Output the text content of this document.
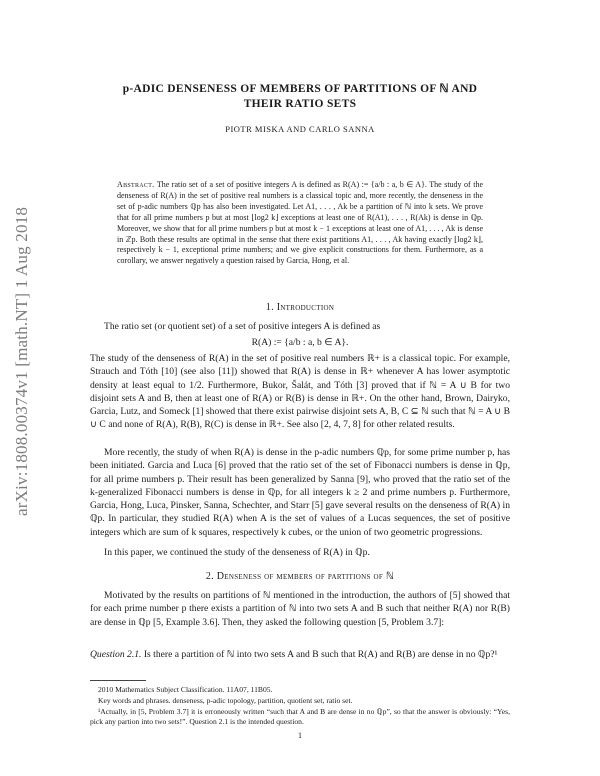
arXiv:1808.00374v1 [math.NT] 1 Aug 2018
p-ADIC DENSENESS OF MEMBERS OF PARTITIONS OF ℕ AND
THEIR RATIO SETS
PIOTR MISKA AND CARLO SANNA
Abstract. The ratio set of a set of positive integers A is defined as R(A) := {a/b : a, b ∈ A}. The study of the denseness of R(A) in the set of positive real numbers is a classical topic and, more recently, the denseness in the set of p-adic numbers ℚp has also been investigated. Let A1, . . . , Ak be a partition of ℕ into k sets. We prove that for all prime numbers p but at most ⌊log2 k⌋ exceptions at least one of R(A1), . . . , R(Ak) is dense in ℚp. Moreover, we show that for all prime numbers p but at most k − 1 exceptions at least one of A1, . . . , Ak is dense in ℤp. Both these results are optimal in the sense that there exist partitions A1, . . . , Ak having exactly ⌊log2 k⌋, respectively k − 1, exceptional prime numbers; and we give explicit constructions for them. Furthermore, as a corollary, we answer negatively a question raised by Garcia, Hong, et al.
1. Introduction
The ratio set (or quotient set) of a set of positive integers A is defined as
R(A) := {a/b : a, b ∈ A}.
The study of the denseness of R(A) in the set of positive real numbers ℝ+ is a classical topic. For example, Strauch and Tóth [10] (see also [11]) showed that R(A) is dense in ℝ+ whenever A has lower asymptotic density at least equal to 1/2. Furthermore, Bukor, Šalát, and Tóth [3] proved that if ℕ = A ∪ B for two disjoint sets A and B, then at least one of R(A) or R(B) is dense in ℝ+. On the other hand, Brown, Dairyko, Garcia, Lutz, and Someck [1] showed that there exist pairwise disjoint sets A, B, C ⊆ ℕ such that ℕ = A ∪ B ∪ C and none of R(A), R(B), R(C) is dense in ℝ+. See also [2, 4, 7, 8] for other related results.
More recently, the study of when R(A) is dense in the p-adic numbers ℚp, for some prime number p, has been initiated. Garcia and Luca [6] proved that the ratio set of the set of Fibonacci numbers is dense in ℚp, for all prime numbers p. Their result has been generalized by Sanna [9], who proved that the ratio set of the k-generalized Fibonacci numbers is dense in ℚp, for all integers k ≥ 2 and prime numbers p. Furthermore, Garcia, Hong, Luca, Pinsker, Sanna, Schechter, and Starr [5] gave several results on the denseness of R(A) in ℚp. In particular, they studied R(A) when A is the set of values of a Lucas sequences, the set of positive integers which are sum of k squares, respectively k cubes, or the union of two geometric progressions.
In this paper, we continued the study of the denseness of R(A) in ℚp.
2. Denseness of members of partitions of ℕ
Motivated by the results on partitions of ℕ mentioned in the introduction, the authors of [5] showed that for each prime number p there exists a partition of ℕ into two sets A and B such that neither R(A) nor R(B) are dense in ℚp [5, Example 3.6]. Then, they asked the following question [5, Problem 3.7]:
Question 2.1. Is there a partition of ℕ into two sets A and B such that R(A) and R(B) are dense in no ℚp?¹
2010 Mathematics Subject Classification. 11A07, 11B05.
Key words and phrases. denseness, p-adic topology, partition, quotient set, ratio set.
¹Actually, in [5, Problem 3.7] it is erroneously written “such that A and B are dense in no ℚp”, so that the answer is obviously: “Yes, pick any partion into two sets!”. Question 2.1 is the intended question.
1
